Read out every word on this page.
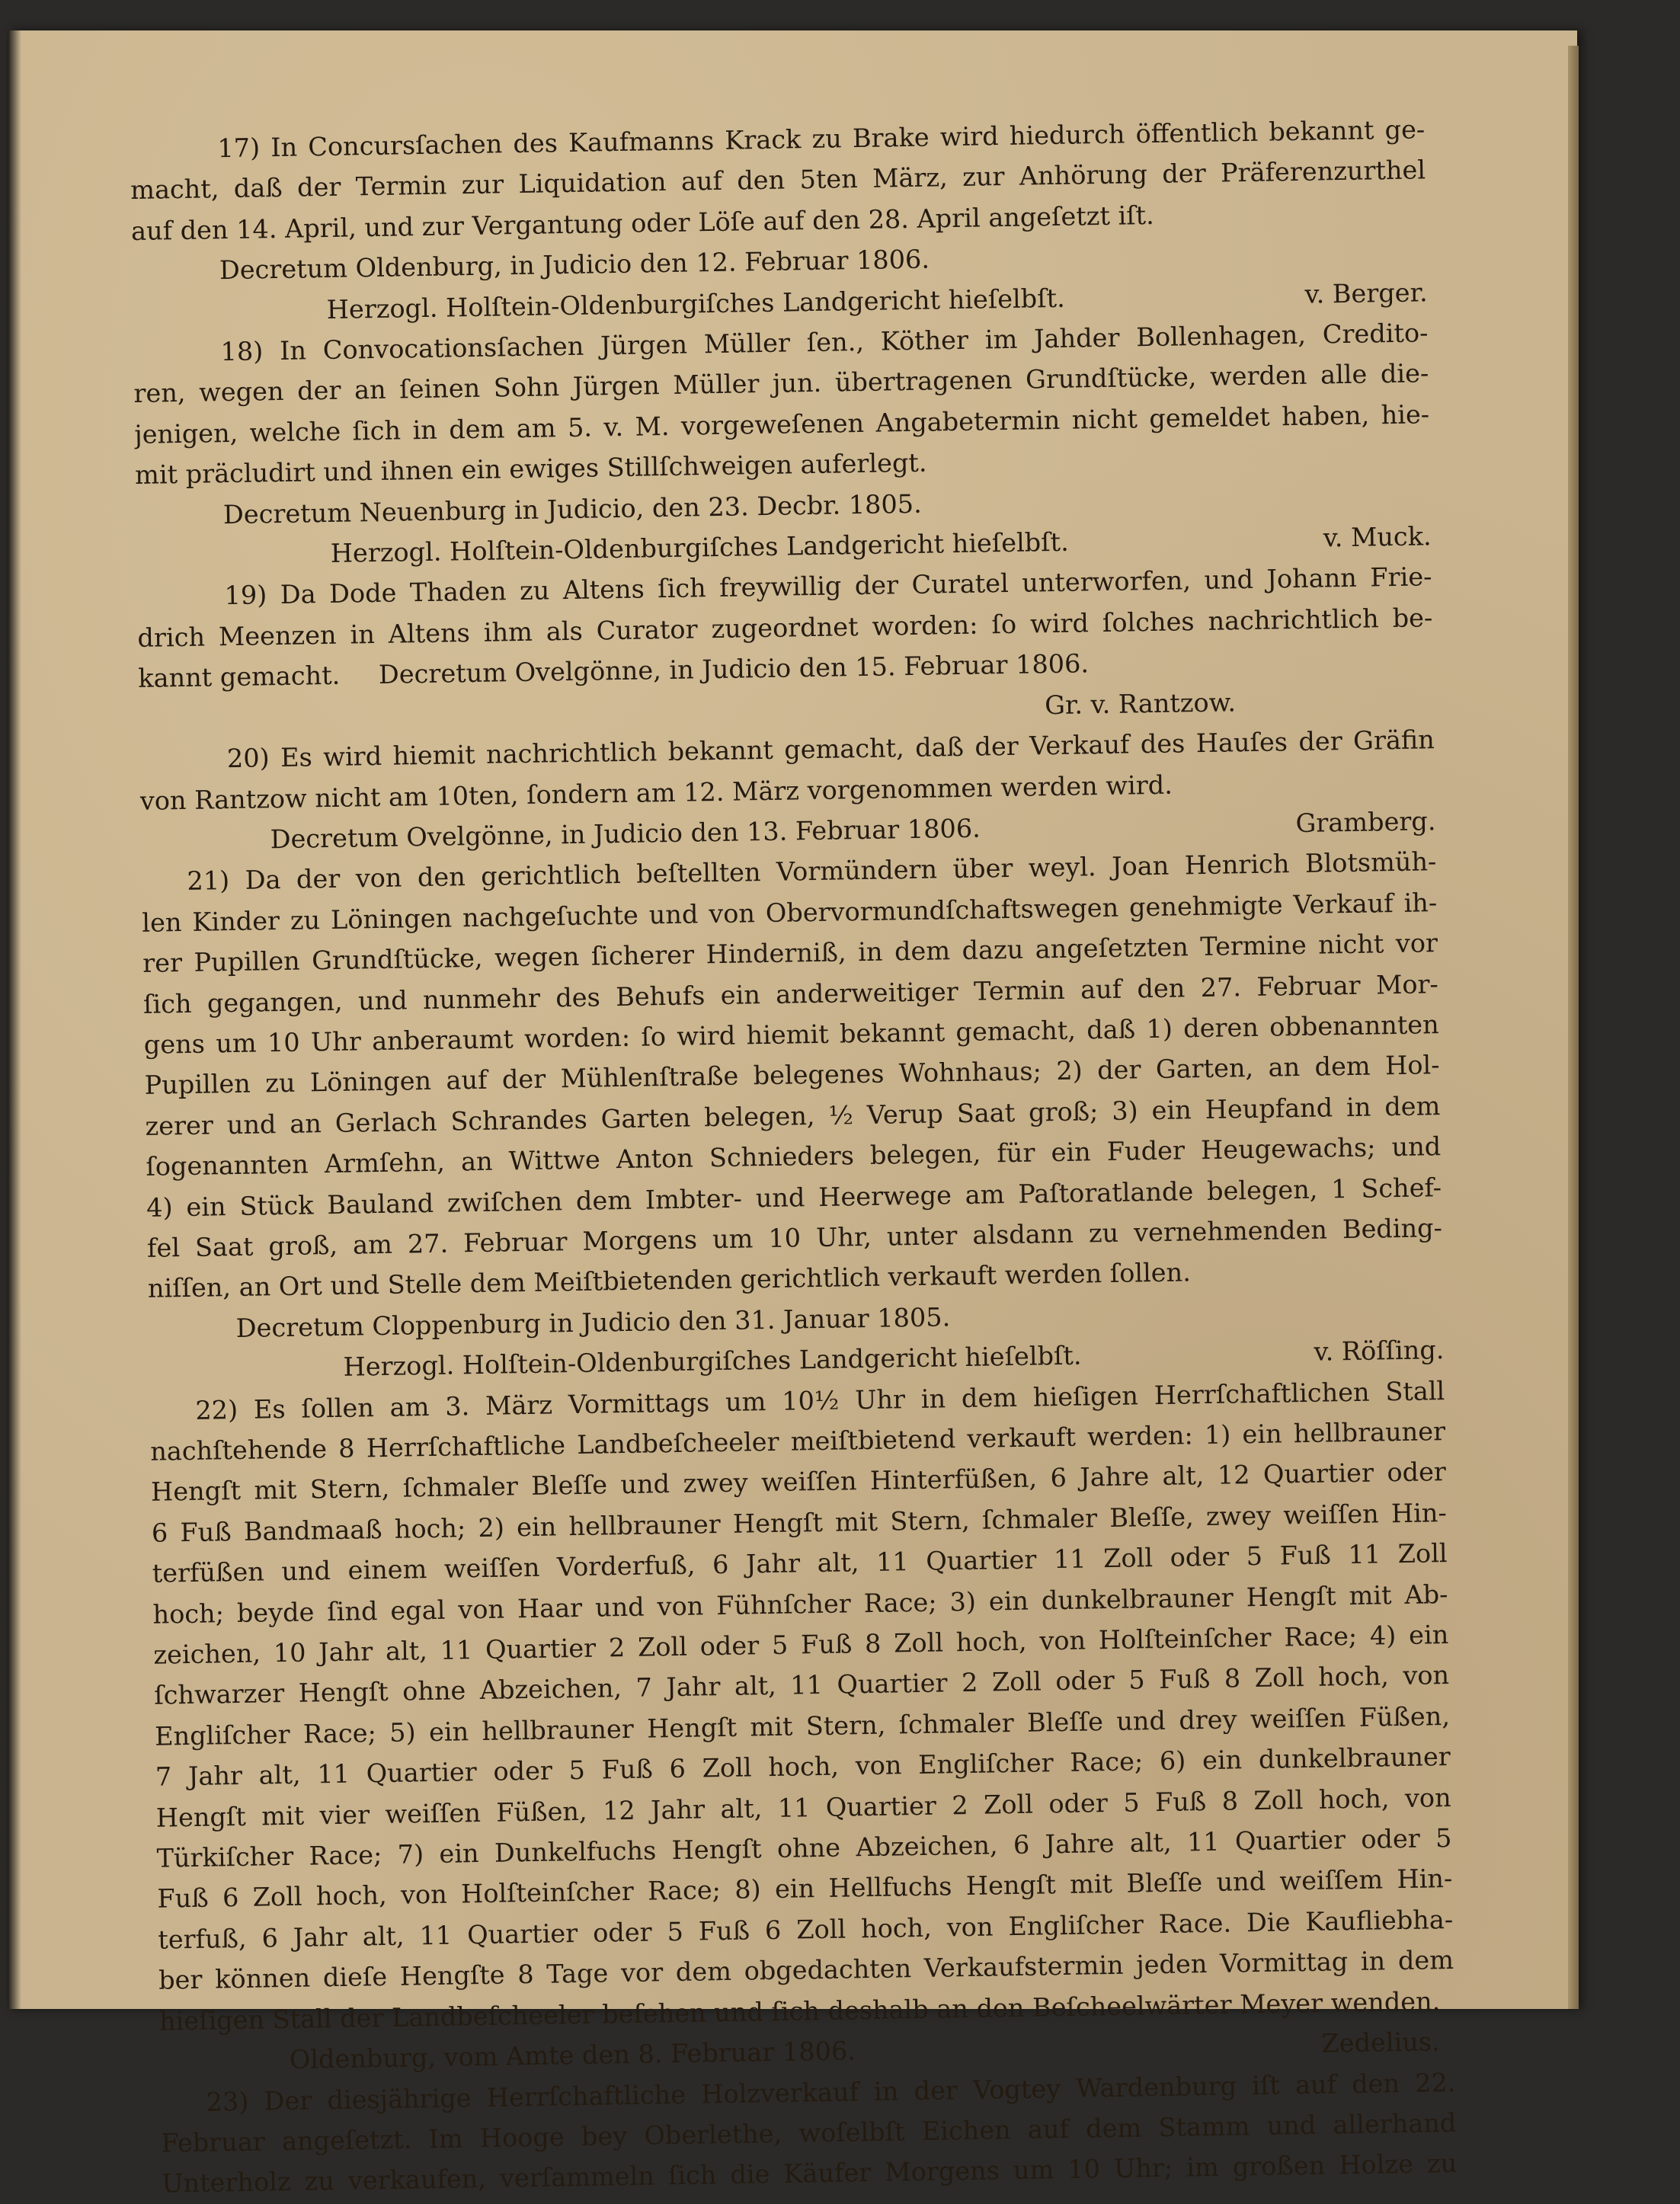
17) In Concursſachen des Kaufmanns Krack zu Brake wird hiedurch öffentlich bekannt ge-
macht, daß der Termin zur Liquidation auf den 5ten März, zur Anhörung der Präferenzurthel
auf den 14. April, und zur Vergantung oder Löſe auf den 28. April angeſetzt iſt.
Decretum Oldenburg, in Judicio den 12. Februar 1806.
Herzogl. Holſtein-Oldenburgiſches Landgericht hieſelbſt.	v. Berger.
18) In Convocationsſachen Jürgen Müller ſen., Köther im Jahder Bollenhagen, Credito-
ren, wegen der an ſeinen Sohn Jürgen Müller jun. übertragenen Grundſtücke, werden alle die-
jenigen, welche ſich in dem am 5. v. M. vorgeweſenen Angabetermin nicht gemeldet haben, hie-
mit präcludirt und ihnen ein ewiges Stillſchweigen auferlegt.
Decretum Neuenburg in Judicio, den 23. Decbr. 1805.
Herzogl. Holſtein-Oldenburgiſches Landgericht hieſelbſt.	v. Muck.
19) Da Dode Thaden zu Altens ſich freywillig der Curatel unterworfen, und Johann Frie-
drich Meenzen in Altens ihm als Curator zugeordnet worden: ſo wird ſolches nachrichtlich be-
kannt gemacht. Decretum Ovelgönne, in Judicio den 15. Februar 1806.
Gr. v. Rantzow.
20) Es wird hiemit nachrichtlich bekannt gemacht, daß der Verkauf des Hauſes der Gräfin
von Rantzow nicht am 10ten, ſondern am 12. März vorgenommen werden wird.
Decretum Ovelgönne, in Judicio den 13. Februar 1806.	Gramberg.
21) Da der von den gerichtlich beſtellten Vormündern über weyl. Joan Henrich Blotsmüh-
len Kinder zu Löningen nachgeſuchte und von Obervormundſchaftswegen genehmigte Verkauf ih-
rer Pupillen Grundſtücke, wegen ſicherer Hinderniß, in dem dazu angeſetzten Termine nicht vor
ſich gegangen, und nunmehr des Behufs ein anderweitiger Termin auf den 27. Februar Mor-
gens um 10 Uhr anberaumt worden: ſo wird hiemit bekannt gemacht, daß 1) deren obbenannten
Pupillen zu Löningen auf der Mühlenſtraße belegenes Wohnhaus; 2) der Garten, an dem Hol-
zerer und an Gerlach Schrandes Garten belegen, ½ Verup Saat groß; 3) ein Heupfand in dem
ſogenannten Armſehn, an Wittwe Anton Schnieders belegen, für ein Fuder Heugewachs; und
4) ein Stück Bauland zwiſchen dem Imbter- und Heerwege am Paſtoratlande belegen, 1 Schef-
fel Saat groß, am 27. Februar Morgens um 10 Uhr, unter alsdann zu vernehmenden Beding-
niſſen, an Ort und Stelle dem Meiſtbietenden gerichtlich verkauft werden ſollen.
Decretum Cloppenburg in Judicio den 31. Januar 1805.
Herzogl. Holſtein-Oldenburgiſches Landgericht hieſelbſt.	v. Röſſing.
22) Es ſollen am 3. März Vormittags um 10½ Uhr in dem hieſigen Herrſchaftlichen Stall
nachſtehende 8 Herrſchaftliche Landbeſcheeler meiſtbietend verkauft werden: 1) ein hellbrauner
Hengſt mit Stern, ſchmaler Bleſſe und zwey weiſſen Hinterfüßen, 6 Jahre alt, 12 Quartier oder
6 Fuß Bandmaaß hoch; 2) ein hellbrauner Hengſt mit Stern, ſchmaler Bleſſe, zwey weiſſen Hin-
terfüßen und einem weiſſen Vorderfuß, 6 Jahr alt, 11 Quartier 11 Zoll oder 5 Fuß 11 Zoll
hoch; beyde ſind egal von Haar und von Fühnſcher Race; 3) ein dunkelbrauner Hengſt mit Ab-
zeichen, 10 Jahr alt, 11 Quartier 2 Zoll oder 5 Fuß 8 Zoll hoch, von Holſteinſcher Race; 4) ein
ſchwarzer Hengſt ohne Abzeichen, 7 Jahr alt, 11 Quartier 2 Zoll oder 5 Fuß 8 Zoll hoch, von
Engliſcher Race; 5) ein hellbrauner Hengſt mit Stern, ſchmaler Bleſſe und drey weiſſen Füßen,
7 Jahr alt, 11 Quartier oder 5 Fuß 6 Zoll hoch, von Engliſcher Race; 6) ein dunkelbrauner
Hengſt mit vier weiſſen Füßen, 12 Jahr alt, 11 Quartier 2 Zoll oder 5 Fuß 8 Zoll hoch, von
Türkiſcher Race; 7) ein Dunkelfuchs Hengſt ohne Abzeichen, 6 Jahre alt, 11 Quartier oder 5
Fuß 6 Zoll hoch, von Holſteinſcher Race; 8) ein Hellfuchs Hengſt mit Bleſſe und weiſſem Hin-
terfuß, 6 Jahr alt, 11 Quartier oder 5 Fuß 6 Zoll hoch, von Engliſcher Race. Die Kaufliebha-
ber können dieſe Hengſte 8 Tage vor dem obgedachten Verkaufstermin jeden Vormittag in dem
hieſigen Stall der Landbeſcheeler beſehen und ſich deshalb an den Beſcheelwärter Meyer wenden.
Oldenburg, vom Amte den 8. Februar 1806.	Zedelius.
23) Der diesjährige Herrſchaftliche Holzverkauf in der Vogtey Wardenburg iſt auf den 22.
Februar angeſetzt. Im Hooge bey Oberlethe, woſelbſt Eichen auf dem Stamm und allerhand
Unterholz zu verkaufen, verſammeln ſich die Käufer Morgens um 10 Uhr; im großen Holze zu
